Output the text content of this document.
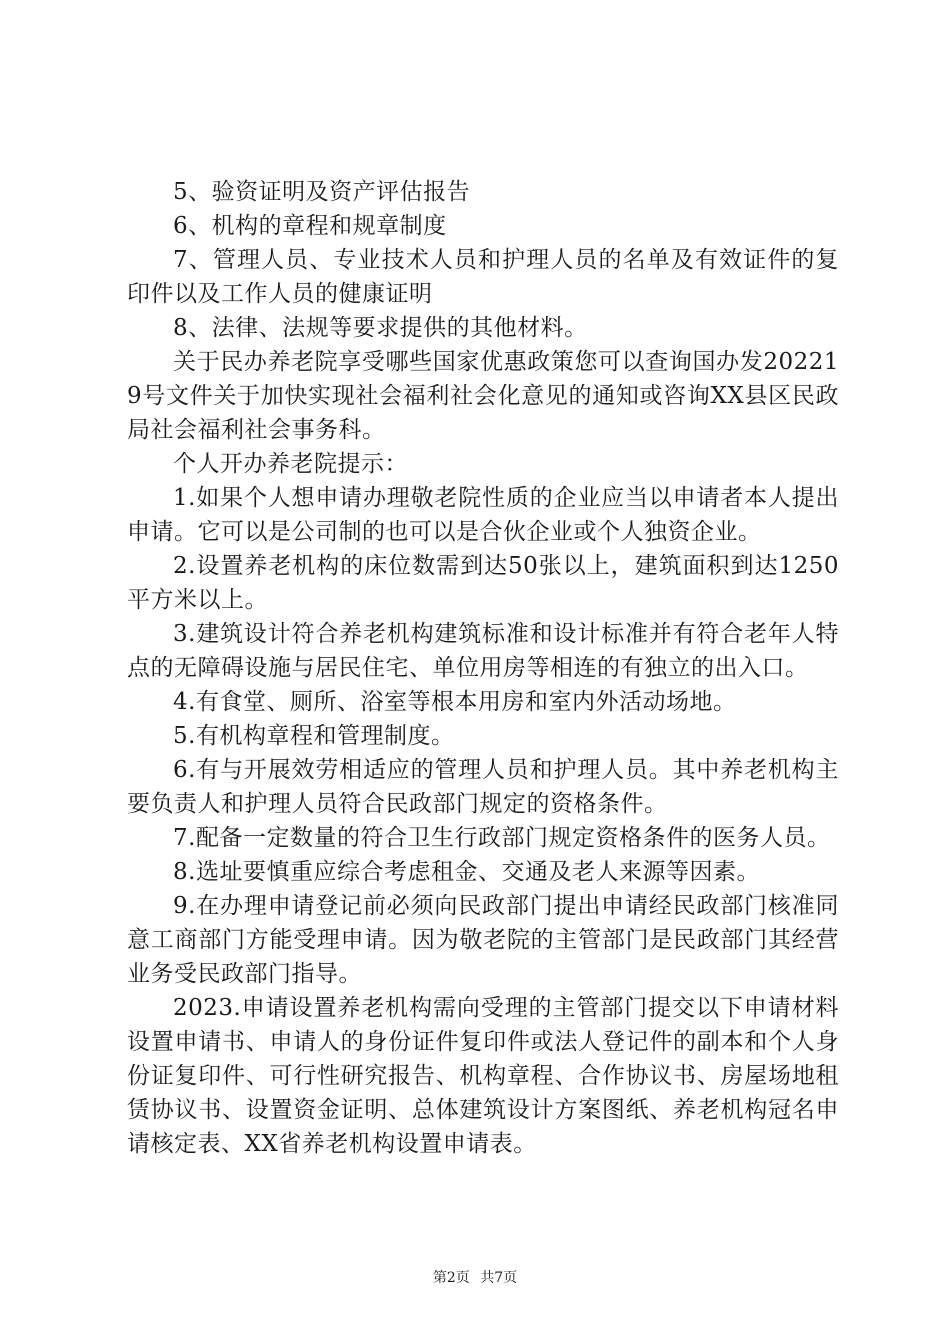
5、验资证明及资产评估报告

6、机构的章程和规章制度

7、管理人员、专业技术人员和护理人员的名单及有效证件的复印件以及工作人员的健康证明

8、法律、法规等要求提供的其他材料。

关于民办养老院享受哪些国家优惠政策您可以查询国办发202219号文件关于加快实现社会福利社会化意见的通知或咨询XX县区民政局社会福利社会事务科。

个人开办养老院提示：

1.如果个人想申请办理敬老院性质的企业应当以申请者本人提出申请。它可以是公司制的也可以是合伙企业或个人独资企业。

2.设置养老机构的床位数需到达50张以上，建筑面积到达1250平方米以上。

3.建筑设计符合养老机构建筑标准和设计标准并有符合老年人特点的无障碍设施与居民住宅、单位用房等相连的有独立的出入口。

4.有食堂、厕所、浴室等根本用房和室内外活动场地。

5.有机构章程和管理制度。

6.有与开展效劳相适应的管理人员和护理人员。其中养老机构主要负责人和护理人员符合民政部门规定的资格条件。

7.配备一定数量的符合卫生行政部门规定资格条件的医务人员。

8.选址要慎重应综合考虑租金、交通及老人来源等因素。

9.在办理申请登记前必须向民政部门提出申请经民政部门核准同意工商部门方能受理申请。因为敬老院的主管部门是民政部门其经营业务受民政部门指导。

2023.申请设置养老机构需向受理的主管部门提交以下申请材料设置申请书、申请人的身份证件复印件或法人登记件的副本和个人身份证复印件、可行性研究报告、机构章程、合作协议书、房屋场地租赁协议书、设置资金证明、总体建筑设计方案图纸、养老机构冠名申请核定表、XX省养老机构设置申请表。

第2页 共7页
